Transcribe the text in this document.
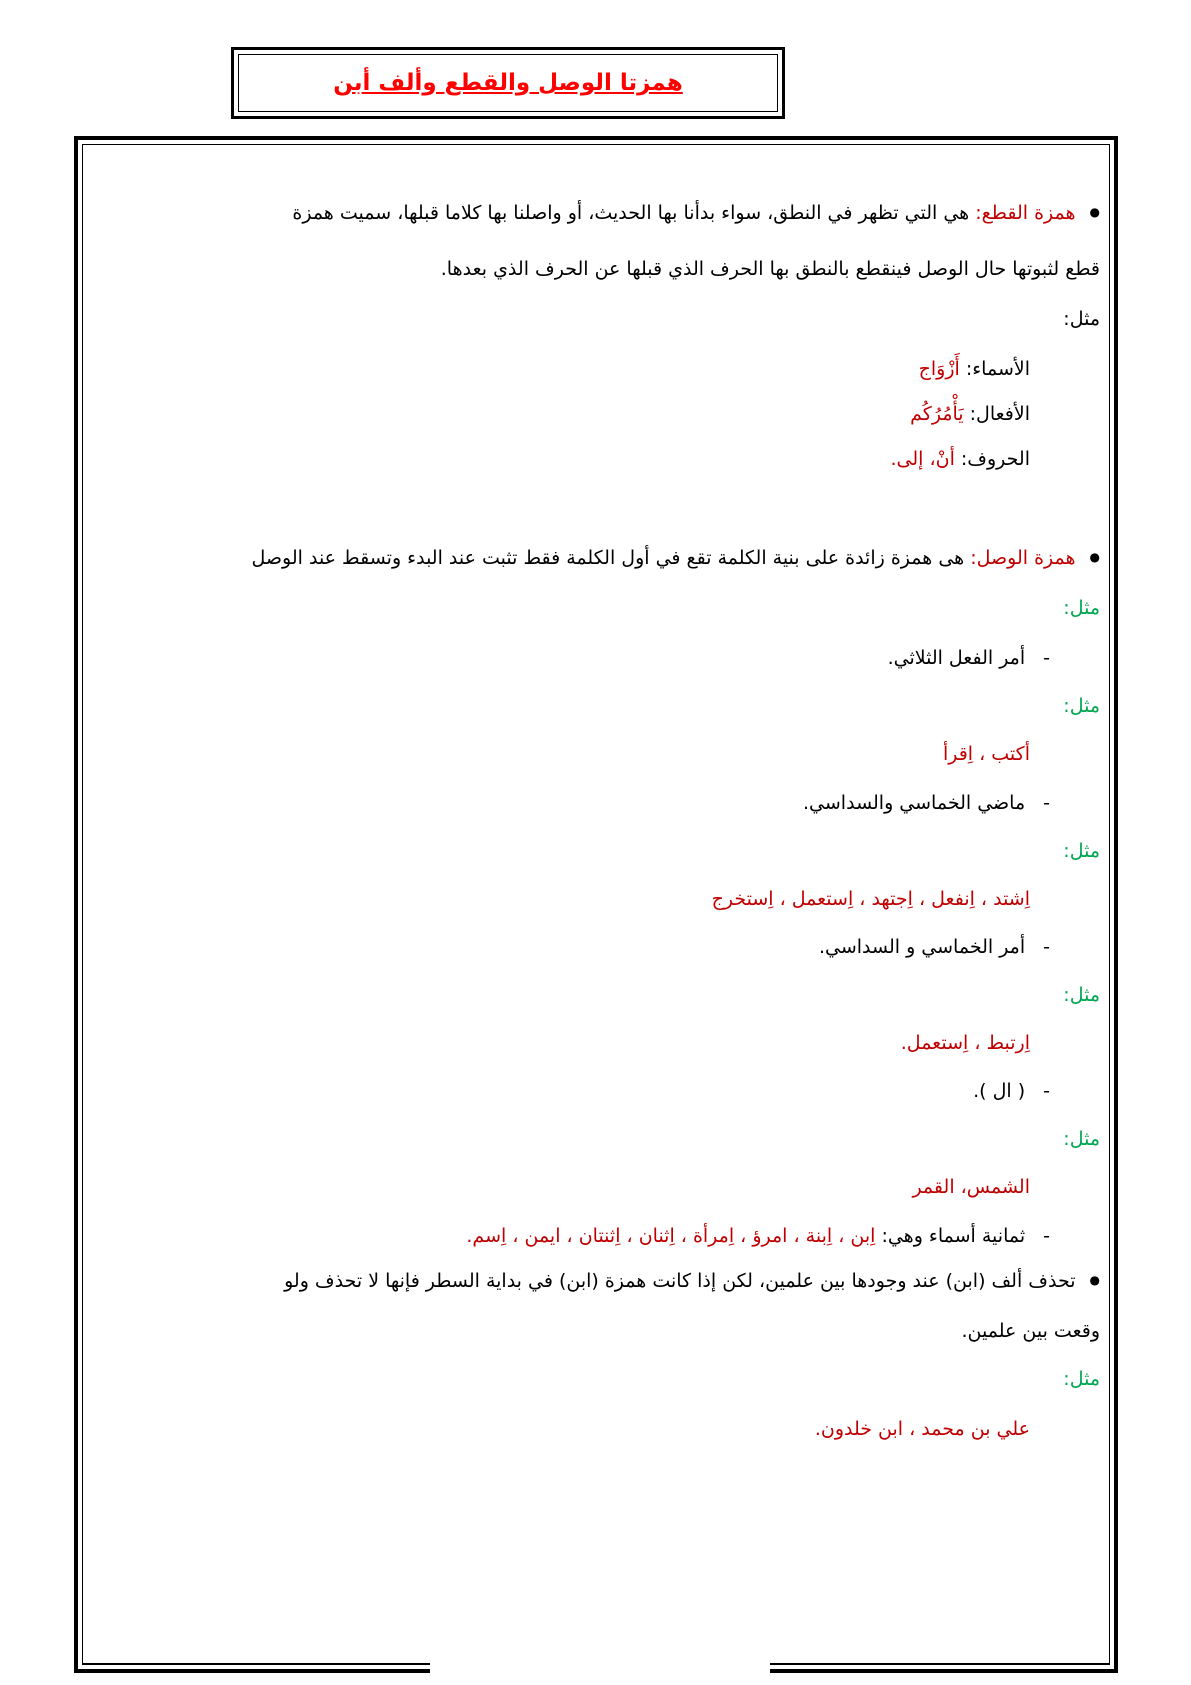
همزتا الوصل والقطع وألف أبن
● همزة القطع: هي التي تظهر في النطق، سواء بدأنا بها الحديث، أو واصلنا بها كلاما قبلها، سميت همزة
قطع لثبوتها حال الوصل فينقطع بالنطق بها الحرف الذي قبلها عن الحرف الذي بعدها.
مثل:
الأسماء: أَزْوَاج
الأفعال: يَأْمُرُكُم
الحروف: أنْ، إلى.
● همزة الوصل: هى همزة زائدة على بنية الكلمة تقع في أول الكلمة فقط تثبت عند البدء وتسقط عند الوصل
مثل:
-أمر الفعل الثلاثي.
مثل:
أكتب ، اِقرأ
-ماضي الخماسي والسداسي.
مثل:
اِشتد ، اِنفعل ، اِجتهد ، اِستعمل ، اِستخرج
-أمر الخماسي و السداسي.
مثل:
اِرتبط ، اِستعمل.
-( ال ).
مثل:
الشمس، القمر
-ثمانية أسماء وهي: اِبن ، اِبنة ، امرؤ ، اِمرأة ، اِثنان ، اِثنتان ، ايمن ، اِسم.
● تحذف ألف (ابن) عند وجودها بين علمين، لكن إذا كانت همزة (ابن) في بداية السطر فإنها لا تحذف ولو
وقعت بين علمين.
مثل:
علي بن محمد ، ابن خلدون.
